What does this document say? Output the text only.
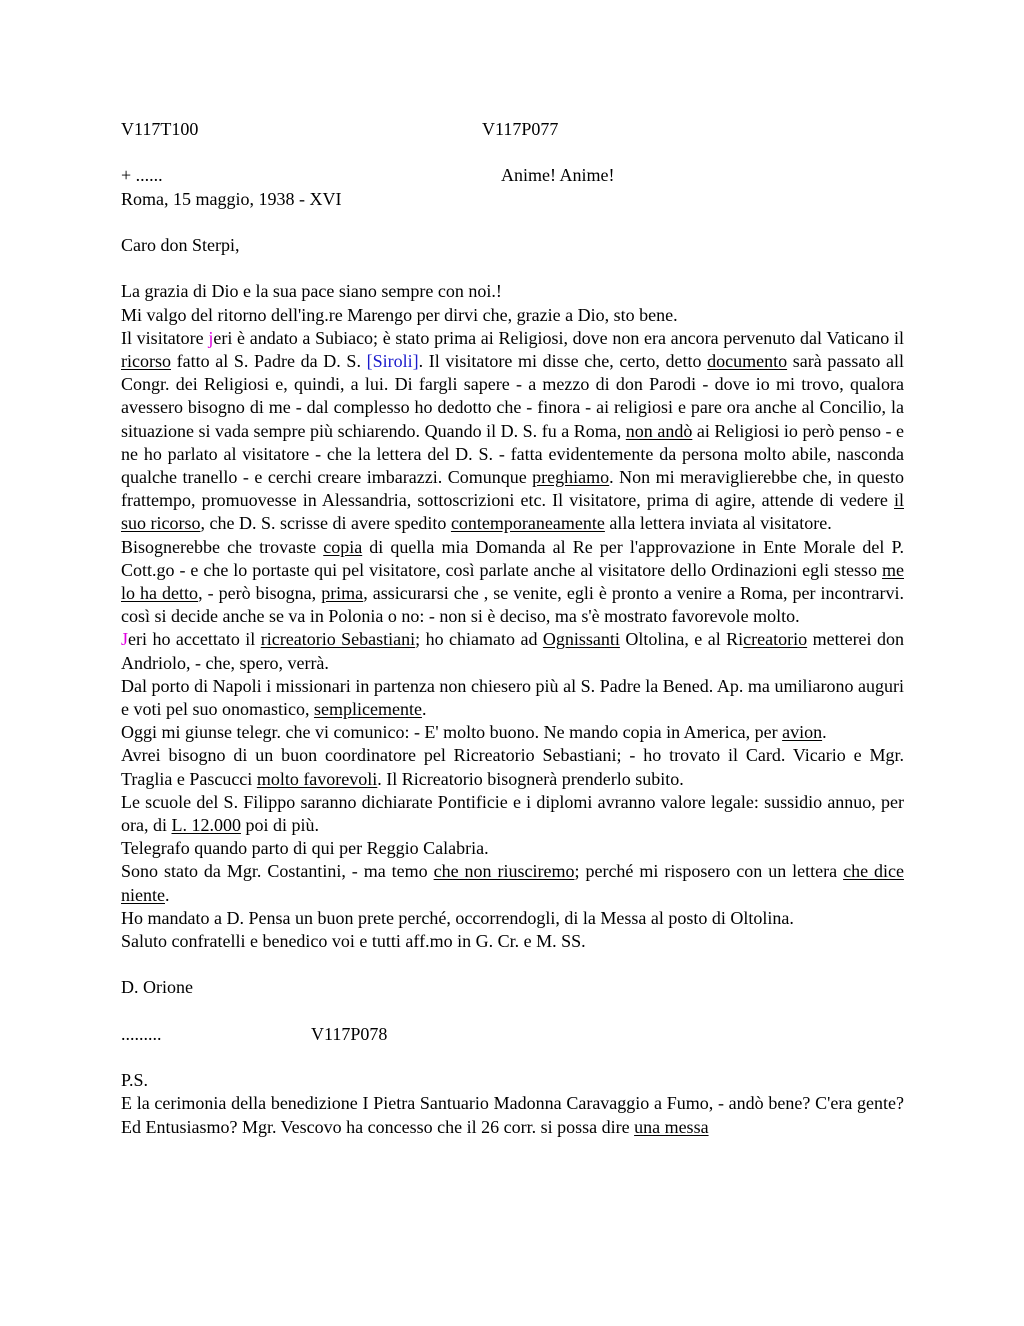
V117T100	V117P077
+ ......	Anime! Anime!
Roma, 15 maggio, 1938 - XVI
Caro don Sterpi,

La grazia di Dio e la sua pace siano sempre con noi.!

Mi valgo del ritorno dell'ing.re Marengo per dirvi che, grazie a Dio, sto bene.

Il visitatore jeri è andato a Subiaco; è stato prima ai Religiosi, dove non era ancora pervenuto dal Vaticano il ricorso fatto al S. Padre da D. S. [Siroli]. Il visitatore mi disse che, certo, detto documento sarà passato all Congr. dei Religiosi e, quindi, a lui. Di fargli sapere - a mezzo di don Parodi - dove io mi trovo, qualora avessero bisogno di me - dal complesso ho dedotto che - finora - ai religiosi e pare ora anche al Concilio, la situazione si vada sempre più schiarendo. Quando il D. S. fu a Roma, non andò ai Religiosi io però penso - e ne ho parlato al visitatore - che la lettera del D. S. - fatta evidentemente da persona molto abile, nasconda qualche tranello - e cerchi creare imbarazzi. Comunque preghiamo. Non mi meraviglierebbe che, in questo frattempo, promuovesse in Alessandria, sottoscrizioni etc. Il visitatore, prima di agire, attende di vedere il suo ricorso, che D. S. scrisse di avere spedito contemporaneamente alla lettera inviata al visitatore.

Bisognerebbe che trovaste copia di quella mia Domanda al Re per l'approvazione in Ente Morale del P. Cott.go - e che lo portaste qui pel visitatore, così parlate anche al visitatore dello Ordinazioni egli stesso me lo ha detto, - però bisogna, prima, assicurarsi che , se venite, egli è pronto a venire a Roma, per incontrarvi. così si decide anche se va in Polonia o no: - non si è deciso, ma s'è mostrato favorevole molto.

Jeri ho accettato il ricreatorio Sebastiani; ho chiamato ad Ognissanti Oltolina, e al Ricreatorio metterei don Andriolo, - che, spero, verrà.

Dal porto di Napoli i missionari in partenza non chiesero più al S. Padre la Bened. Ap. ma umiliarono auguri e voti pel suo onomastico, semplicemente.

Oggi mi giunse telegr. che vi comunico: - E' molto buono. Ne mando copia in America, per avion.

Avrei bisogno di un buon coordinatore pel Ricreatorio Sebastiani; - ho trovato il Card. Vicario e Mgr. Traglia e Pascucci molto favorevoli. Il Ricreatorio bisognerà prenderlo subito.

Le scuole del S. Filippo saranno dichiarate Pontificie e i diplomi avranno valore legale: sussidio annuo, per ora, di L. 12.000 poi di più.

Telegrafo quando parto di qui per Reggio Calabria.

Sono stato da Mgr. Costantini, - ma temo che non riusciremo; perché mi risposero con un lettera che dice niente.

Ho mandato a D. Pensa un buon prete perché, occorrendogli, di la Messa al posto di Oltolina.

Saluto confratelli e benedico voi e tutti aff.mo in G. Cr. e M. SS.

D. Orione
.........	V117P078
P.S.

E la cerimonia della benedizione I Pietra Santuario Madonna Caravaggio a Fumo, - andò bene? C'era gente? Ed Entusiasmo? Mgr. Vescovo ha concesso che il 26 corr. si possa dire una messa
